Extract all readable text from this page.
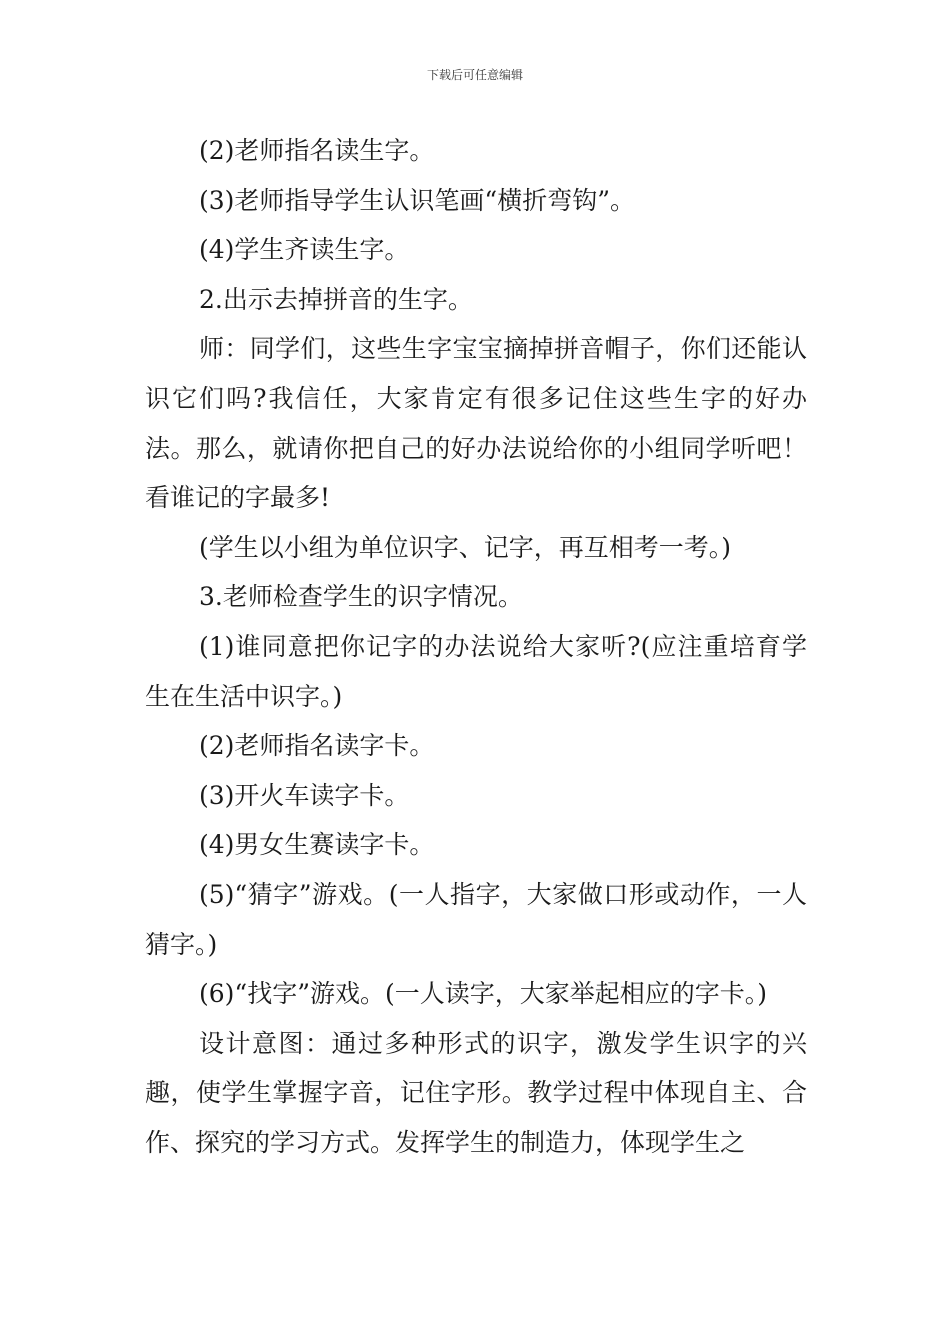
下载后可任意编辑

(2)老师指名读生字。

(3)老师指导学生认识笔画“横折弯钩”。

(4)学生齐读生字。

2.出示去掉拼音的生字。

师：同学们，这些生字宝宝摘掉拼音帽子，你们还能认识它们吗?我信任，大家肯定有很多记住这些生字的好办法。那么，就请你把自己的好办法说给你的小组同学听吧！看谁记的字最多!

(学生以小组为单位识字、记字，再互相考一考。)

3.老师检查学生的识字情况。

(1)谁同意把你记字的办法说给大家听?(应注重培育学生在生活中识字。)

(2)老师指名读字卡。

(3)开火车读字卡。

(4)男女生赛读字卡。

(5)“猜字”游戏。(一人指字，大家做口形或动作，一人猜字。)

(6)“找字”游戏。(一人读字，大家举起相应的字卡。)

设计意图：通过多种形式的识字，激发学生识字的兴趣，使学生掌握字音，记住字形。教学过程中体现自主、合作、探究的学习方式。发挥学生的制造力，体现学生之
